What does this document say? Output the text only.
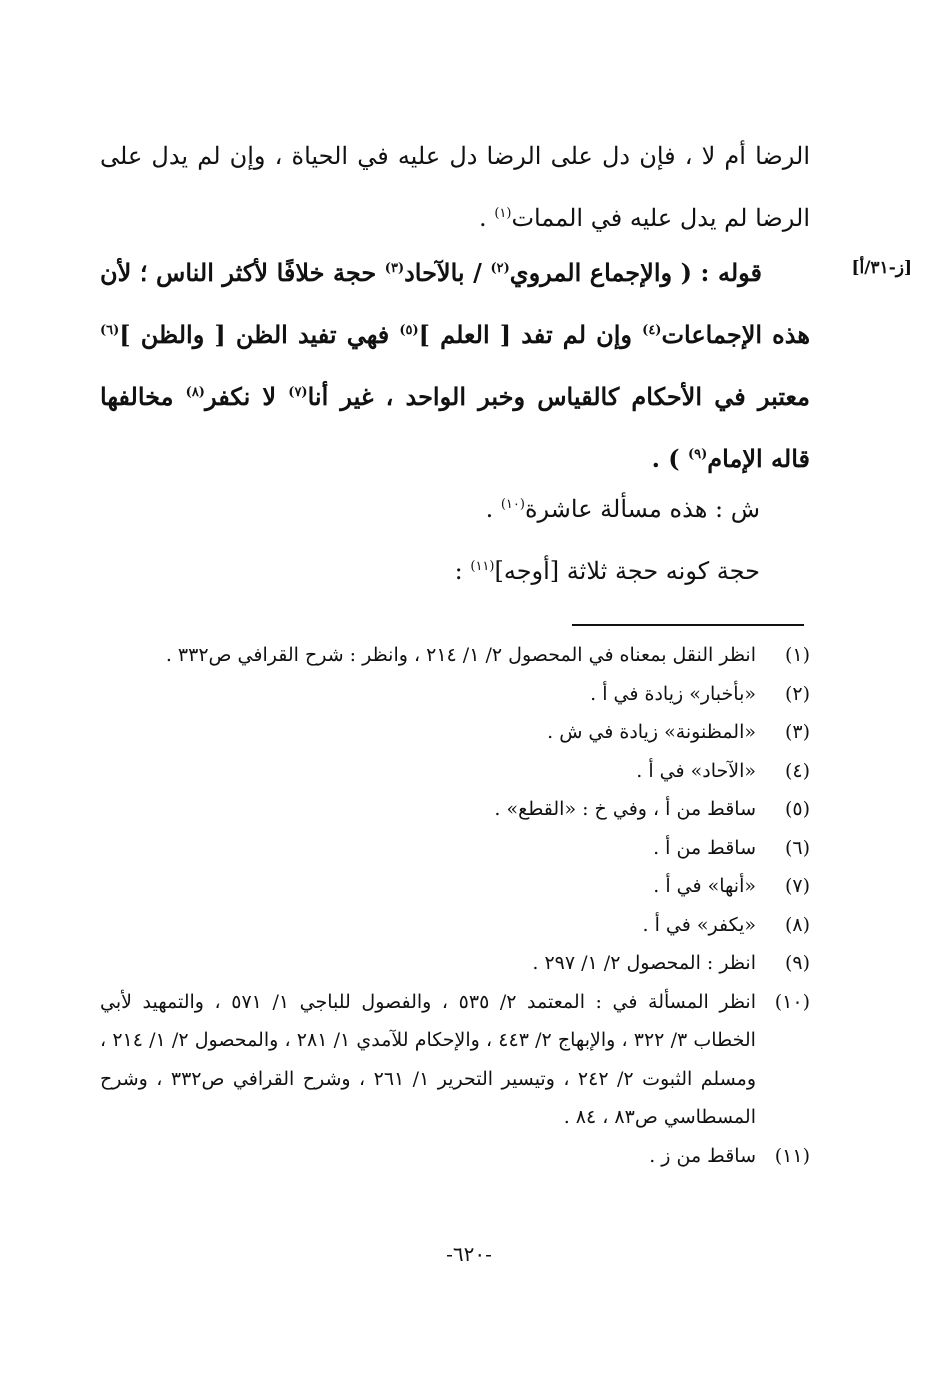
الرضا أم لا ، فإن دل على الرضا دل عليه في الحياة ، وإن لم يدل على الرضا لم يدل عليه في الممات$^{(١)}$ .
[ز-٣١/أ]
قوله : ( والإجماع المروي$^{(٢)}$ / بالآحاد$^{(٣)}$ حجة خلافًا لأكثر الناس ؛ لأن هذه الإجماعات$^{(٤)}$ وإن لم تفد [ العلم ]$^{(٥)}$ فهي تفيد الظن [ والظن ]$^{(٦)}$ معتبر في الأحكام كالقياس وخبر الواحد ، غير أنا$^{(٧)}$ لا نكفر$^{(٨)}$ مخالفها قاله الإمام$^{(٩)}$ ) .
ش : هذه مسألة عاشرة$^{(١٠)}$ .
حجة كونه حجة ثلاثة [أوجه]$^{(١١)}$ :
(١)
انظر النقل بمعناه في المحصول ٢/ ١/ ٢١٤ ، وانظر : شرح القرافي ص٣٣٢ .
(٢)
«بأخبار» زيادة في أ .
(٣)
«المظنونة» زيادة في ش .
(٤)
«الآحاد» في أ .
(٥)
ساقط من أ ، وفي خ : «القطع» .
(٦)
ساقط من أ .
(٧)
«أنها» في أ .
(٨)
«يكفر» في أ .
(٩)
انظر : المحصول ٢/ ١/ ٢٩٧ .
(١٠)
انظر المسألة في : المعتمد ٢/ ٥٣٥ ، والفصول للباجي ١/ ٥٧١ ، والتمهيد لأبي الخطاب ٣/ ٣٢٢ ، والإبهاج ٢/ ٤٤٣ ، والإحكام للآمدي ١/ ٢٨١ ، والمحصول ٢/ ١/ ٢١٤ ، ومسلم الثبوت ٢/ ٢٤٢ ، وتيسير التحرير ١/ ٢٦١ ، وشرح القرافي ص٣٣٢ ، وشرح المسطاسي ص٨٣ ، ٨٤ .
(١١)
ساقط من ز .
-٦٢٠-
